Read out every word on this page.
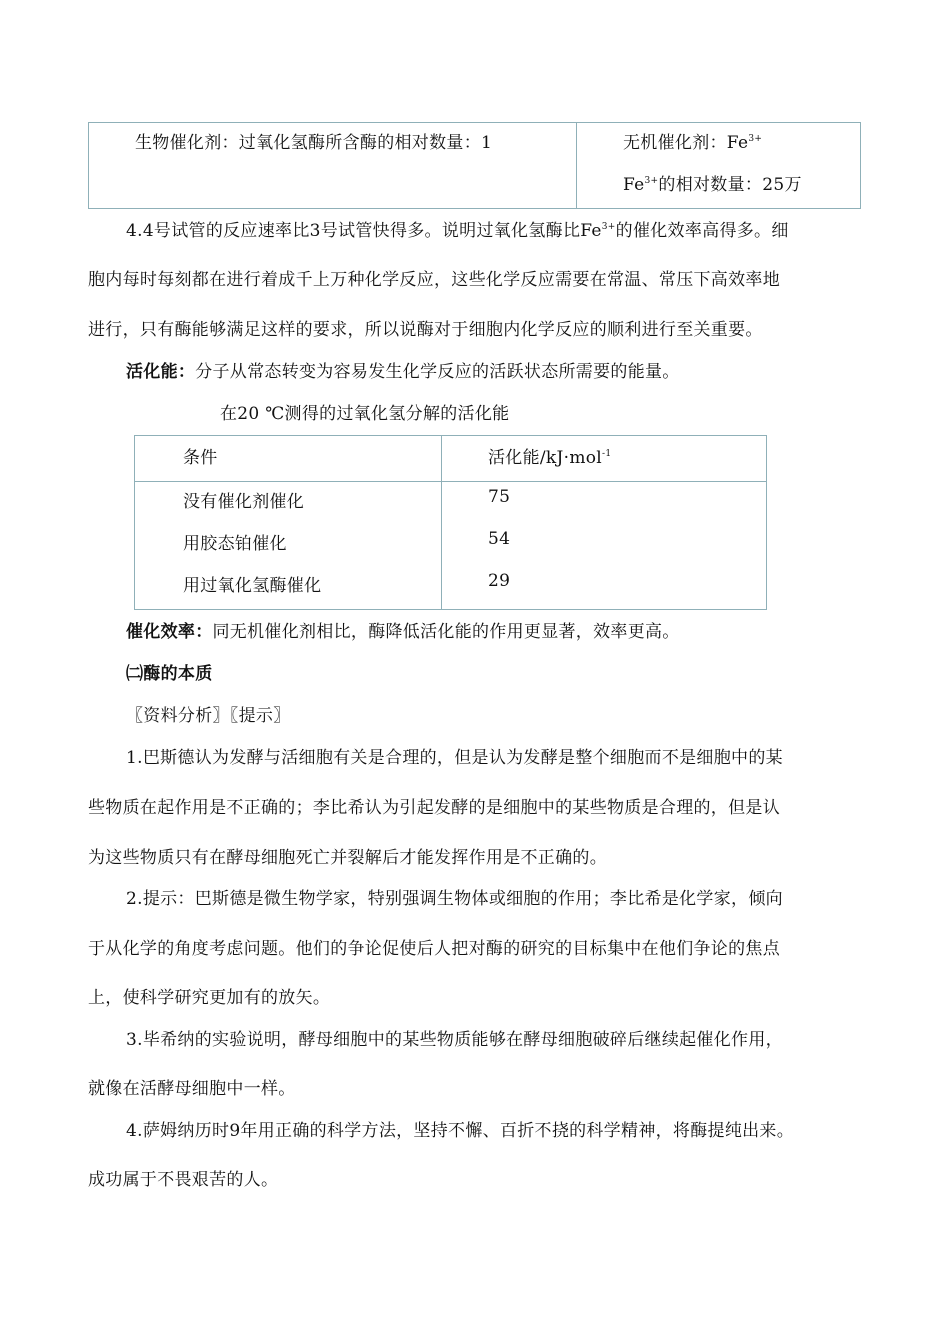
生物催化剂：过氧化氢酶所含酶的相对数量：1	无机催化剂：$Fe^{3+}$
$Fe^{3+}$的相对数量：25万
4.4号试管的反应速率比3号试管快得多。说明过氧化氢酶比$Fe^{3+}$的催化效率高得多。细
胞内每时每刻都在进行着成千上万种化学反应，这些化学反应需要在常温、常压下高效率地
进行，只有酶能够满足这样的要求，所以说酶对于细胞内化学反应的顺利进行至关重要。
活化能：分子从常态转变为容易发生化学反应的活跃状态所需要的能量。
在20 ℃测得的过氧化氢分解的活化能
条件	活化能/kJ·mol$^{-1}$
没有催化剂催化	75
用胶态铂催化	54
用过氧化氢酶催化	29
催化效率：同无机催化剂相比，酶降低活化能的作用更显著，效率更高。
㈡酶的本质
〖资料分析〗〖提示〗
1.巴斯德认为发酵与活细胞有关是合理的，但是认为发酵是整个细胞而不是细胞中的某
些物质在起作用是不正确的；李比希认为引起发酵的是细胞中的某些物质是合理的，但是认
为这些物质只有在酵母细胞死亡并裂解后才能发挥作用是不正确的。
2.提示：巴斯德是微生物学家，特别强调生物体或细胞的作用；李比希是化学家，倾向
于从化学的角度考虑问题。他们的争论促使后人把对酶的研究的目标集中在他们争论的焦点
上，使科学研究更加有的放矢。
3.毕希纳的实验说明，酵母细胞中的某些物质能够在酵母细胞破碎后继续起催化作用，
就像在活酵母细胞中一样。
4.萨姆纳历时9年用正确的科学方法，坚持不懈、百折不挠的科学精神，将酶提纯出来。
成功属于不畏艰苦的人。
